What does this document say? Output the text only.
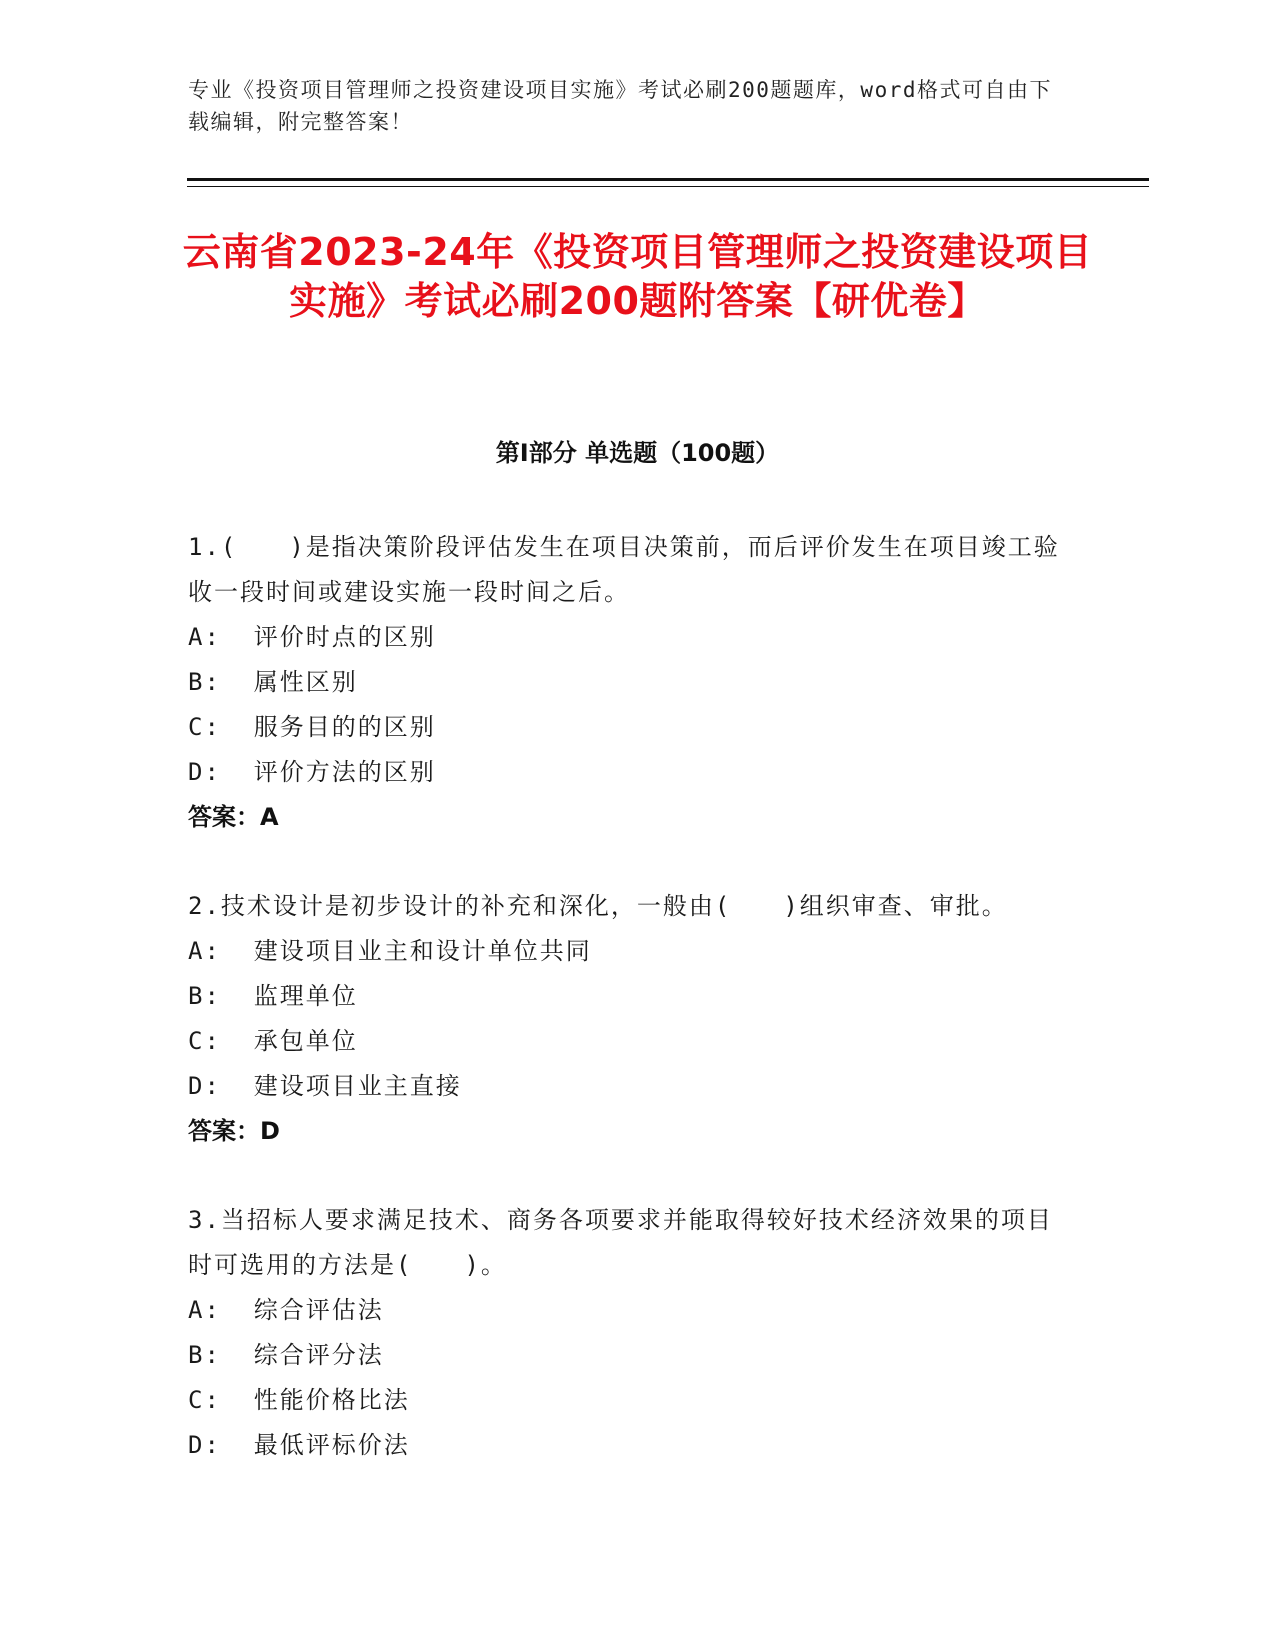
专业《投资项目管理师之投资建设项目实施》考试必刷200题题库，word格式可自由下载编辑，附完整答案！
云南省2023-24年《投资项目管理师之投资建设项目实施》考试必刷200题附答案【研优卷】
第Ⅰ部分 单选题（100题）
1.(　　)是指决策阶段评估发生在项目决策前，而后评价发生在项目竣工验收一段时间或建设实施一段时间之后。
A:  评价时点的区别
B:  属性区别
C:  服务目的的区别
D:  评价方法的区别
答案：A
2.技术设计是初步设计的补充和深化，一般由(　　)组织审查、审批。
A:  建设项目业主和设计单位共同
B:  监理单位
C:  承包单位
D:  建设项目业主直接
答案：D
3.当招标人要求满足技术、商务各项要求并能取得较好技术经济效果的项目时可选用的方法是(　　)。
A:  综合评估法
B:  综合评分法
C:  性能价格比法
D:  最低评标价法
